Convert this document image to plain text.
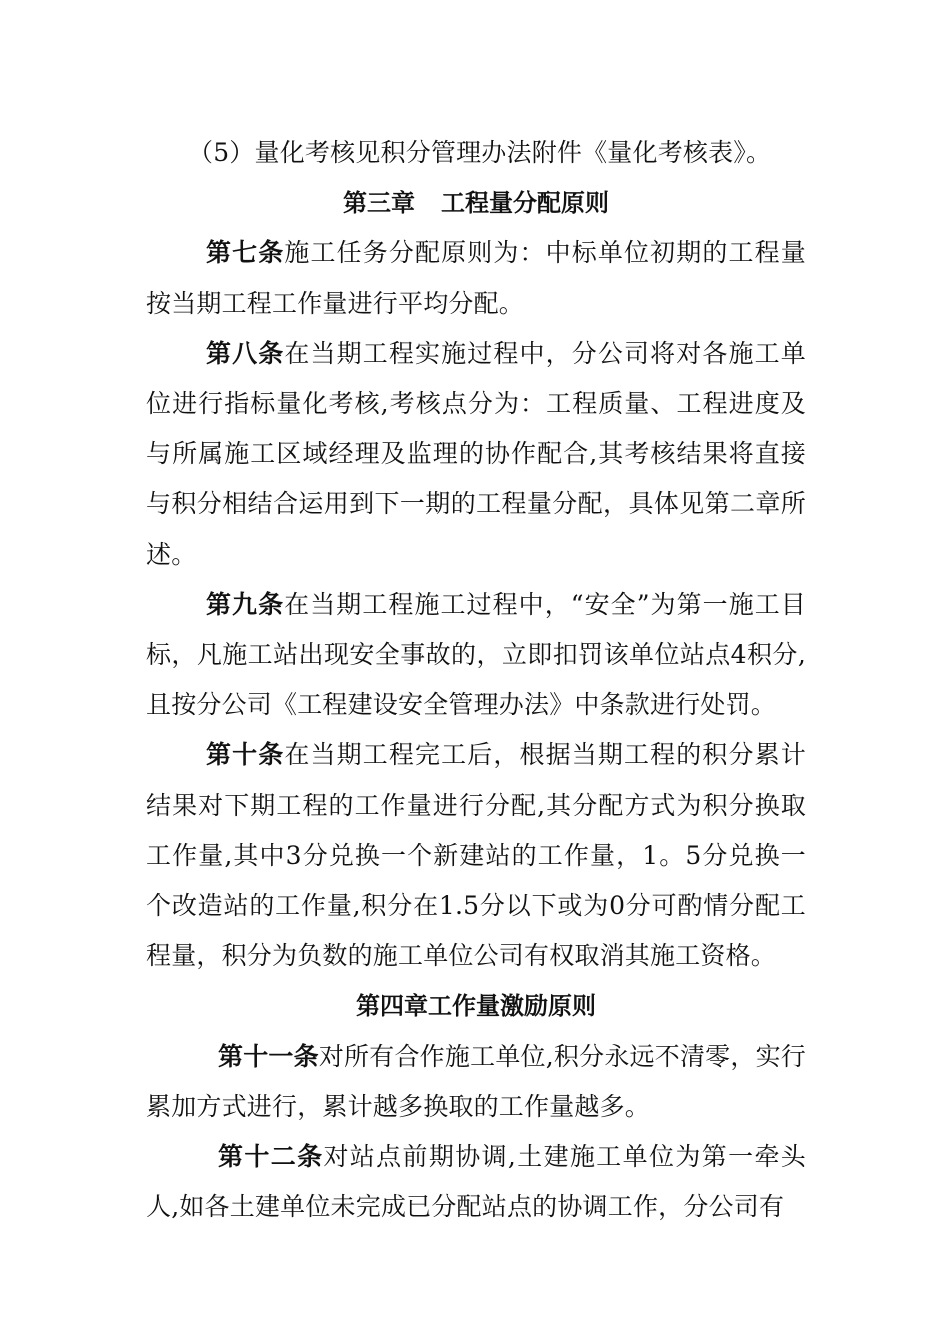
（5）量化考核见积分管理办法附件《量化考核表》。

第三章 工程量分配原则

第七条施工任务分配原则为：中标单位初期的工程量按当期工程工作量进行平均分配。

第八条在当期工程实施过程中，分公司将对各施工单位进行指标量化考核,考核点分为：工程质量、工程进度及与所属施工区域经理及监理的协作配合,其考核结果将直接与积分相结合运用到下一期的工程量分配，具体见第二章所述。

第九条在当期工程施工过程中，“安全”为第一施工目标，凡施工站出现安全事故的，立即扣罚该单位站点4积分,且按分公司《工程建设安全管理办法》中条款进行处罚。

第十条在当期工程完工后，根据当期工程的积分累计结果对下期工程的工作量进行分配,其分配方式为积分换取工作量,其中3分兑换一个新建站的工作量，1。5分兑换一个改造站的工作量,积分在1.5分以下或为0分可酌情分配工程量，积分为负数的施工单位公司有权取消其施工资格。

第四章工作量激励原则

第十一条对所有合作施工单位,积分永远不清零，实行累加方式进行，累计越多换取的工作量越多。

第十二条对站点前期协调,土建施工单位为第一牵头人,如各土建单位未完成已分配站点的协调工作，分公司有
